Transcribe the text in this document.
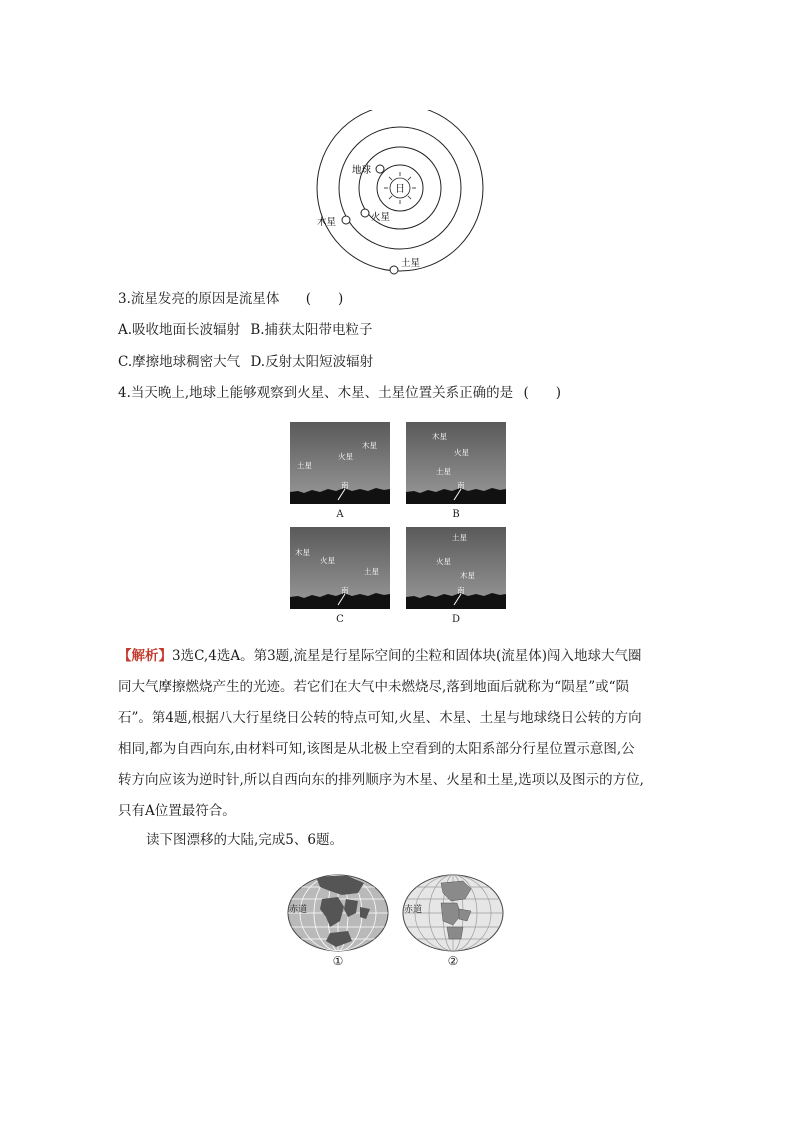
日
地球
火星
木星
土星
3.流星发亮的原因是流星体 (　　)
A.吸收地面长波辐射 B.捕获太阳带电粒子
C.摩擦地球稠密大气 D.反射太阳短波辐射
4.当天晚上,地球上能够观察到火星、木星、土星位置关系正确的是 (　　)
南
木星
火星
土星
A
南
木星
火星
土星
B
南
木星
火星
土星
C
南
土星
火星
木星
D
【解析】3选C,4选A。第3题,流星是行星际空间的尘粒和固体块(流星体)闯入地球大气圈
同大气摩擦燃烧产生的光迹。若它们在大气中未燃烧尽,落到地面后就称为“陨星”或“陨
石”。第4题,根据八大行星绕日公转的特点可知,火星、木星、土星与地球绕日公转的方向
相同,都为自西向东,由材料可知,该图是从北极上空看到的太阳系部分行星位置示意图,公
转方向应该为逆时针,所以自西向东的排列顺序为木星、火星和土星,选项以及图示的方位,
只有A位置最符合。
读下图漂移的大陆,完成5、6题。
赤道
①
赤道
②
